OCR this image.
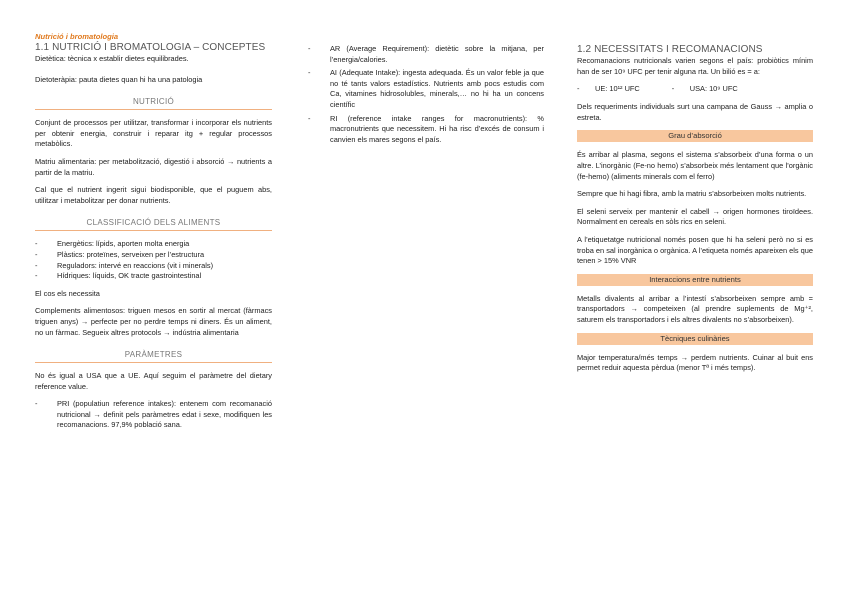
Nutrició i bromatologia
1.1 NUTRICIÓ I BROMATOLOGIA – CONCEPTES

Dietètica: tècnica x establir dietes equilibrades.

Dietoteràpia: pauta dietes quan hi ha una patologia

NUTRICIÓ

Conjunt de processos per utilitzar, transformar i incorporar els nutrients per obtenir energia, construir i reparar itg + regular processos metabòlics.

Matriu alimentaria: per metabolització, digestió i absorció → nutrients a partir de la matriu.

Cal que el nutrient ingerit sigui biodisponible, que el puguem abs, utilitzar i metabolitzar per donar nutrients.

CLASSIFICACIÓ DELS ALIMENTS
- Energètics: lípids, aporten molta energia
- Plàstics: proteïnes, serveixen per l’estructura
- Reguladors: intervé en reaccions (vit i minerals)
- Hídriques: líquids, OK tracte gastrointestinal

El cos els necessita

Complements alimentosos: triguen mesos en sortir al mercat (fàrmacs triguen anys) → perfecte per no perdre temps ni diners. És un aliment, no un fàrmac. Segueix altres protocols → indústria alimentaria

PARÀMETRES

No és igual a USA que a UE. Aquí seguim el paràmetre del dietary reference value.

- PRI (populatiun reference intakes): entenem com recomanació nutricional → definit pels paràmetres edat i sexe, modifiquen les recomanacions. 97,9% població sana.
- AR (Average Requirement): dietètic sobre la mitjana, per l’energia/calories.
- AI (Adequate Intake): ingesta adequada. És un valor feble ja que no té tants valors estadístics. Nutrients amb pocs estudis com Ca, vitamines hidrosolubles, minerals,… no hi ha un concens científic
- RI (reference intake ranges for macronutrients): % macronutrients que necessitem. Hi ha risc d’excés de consum i canvien els mares segons el país.
1.2 NECESSITATS I RECOMANACIONS

Recomanacions nutricionals varien segons el país: probiòtics mínim han de ser 10⁹ UFC per tenir alguna rta. Un bilió es = a:

-	UE: 10¹² UFC	-	USA: 10⁹ UFC

Dels requeriments individuals surt una campana de Gauss → amplia o estreta.

Grau d’absorció

És arribar al plasma, segons el sistema s’absorbeix d’una forma o un altre. L’inorgànic (Fe-no hemo) s’absorbeix més lentament que l’orgànic (fe-hemo) (aliments minerals com el ferro)

Sempre que hi hagi fibra, amb la matriu s’absorbeixen molts nutrients.

El seleni serveix per mantenir el cabell → origen hormones tiroïdees. Normalment en cereals en sòls rics en seleni.

A l’etiquetatge nutricional només posen que hi ha seleni però no si es troba en sal inorgànica o orgànica. A l’etiqueta només apareixen els que tenen > 15% VNR

Interaccions entre nutrients

Metalls divalents al arribar a l’intestí s’absorbeixen sempre amb = transportadors → competeixen (al prendre suplements de Mg⁺², saturem els transportadors i els altres divalents no s’absorbeixen).

Tècniques culinàries

Major temperatura/més temps → perdem nutrients. Cuinar al buit ens permet reduir aquesta pèrdua (menor Tª i més temps).
